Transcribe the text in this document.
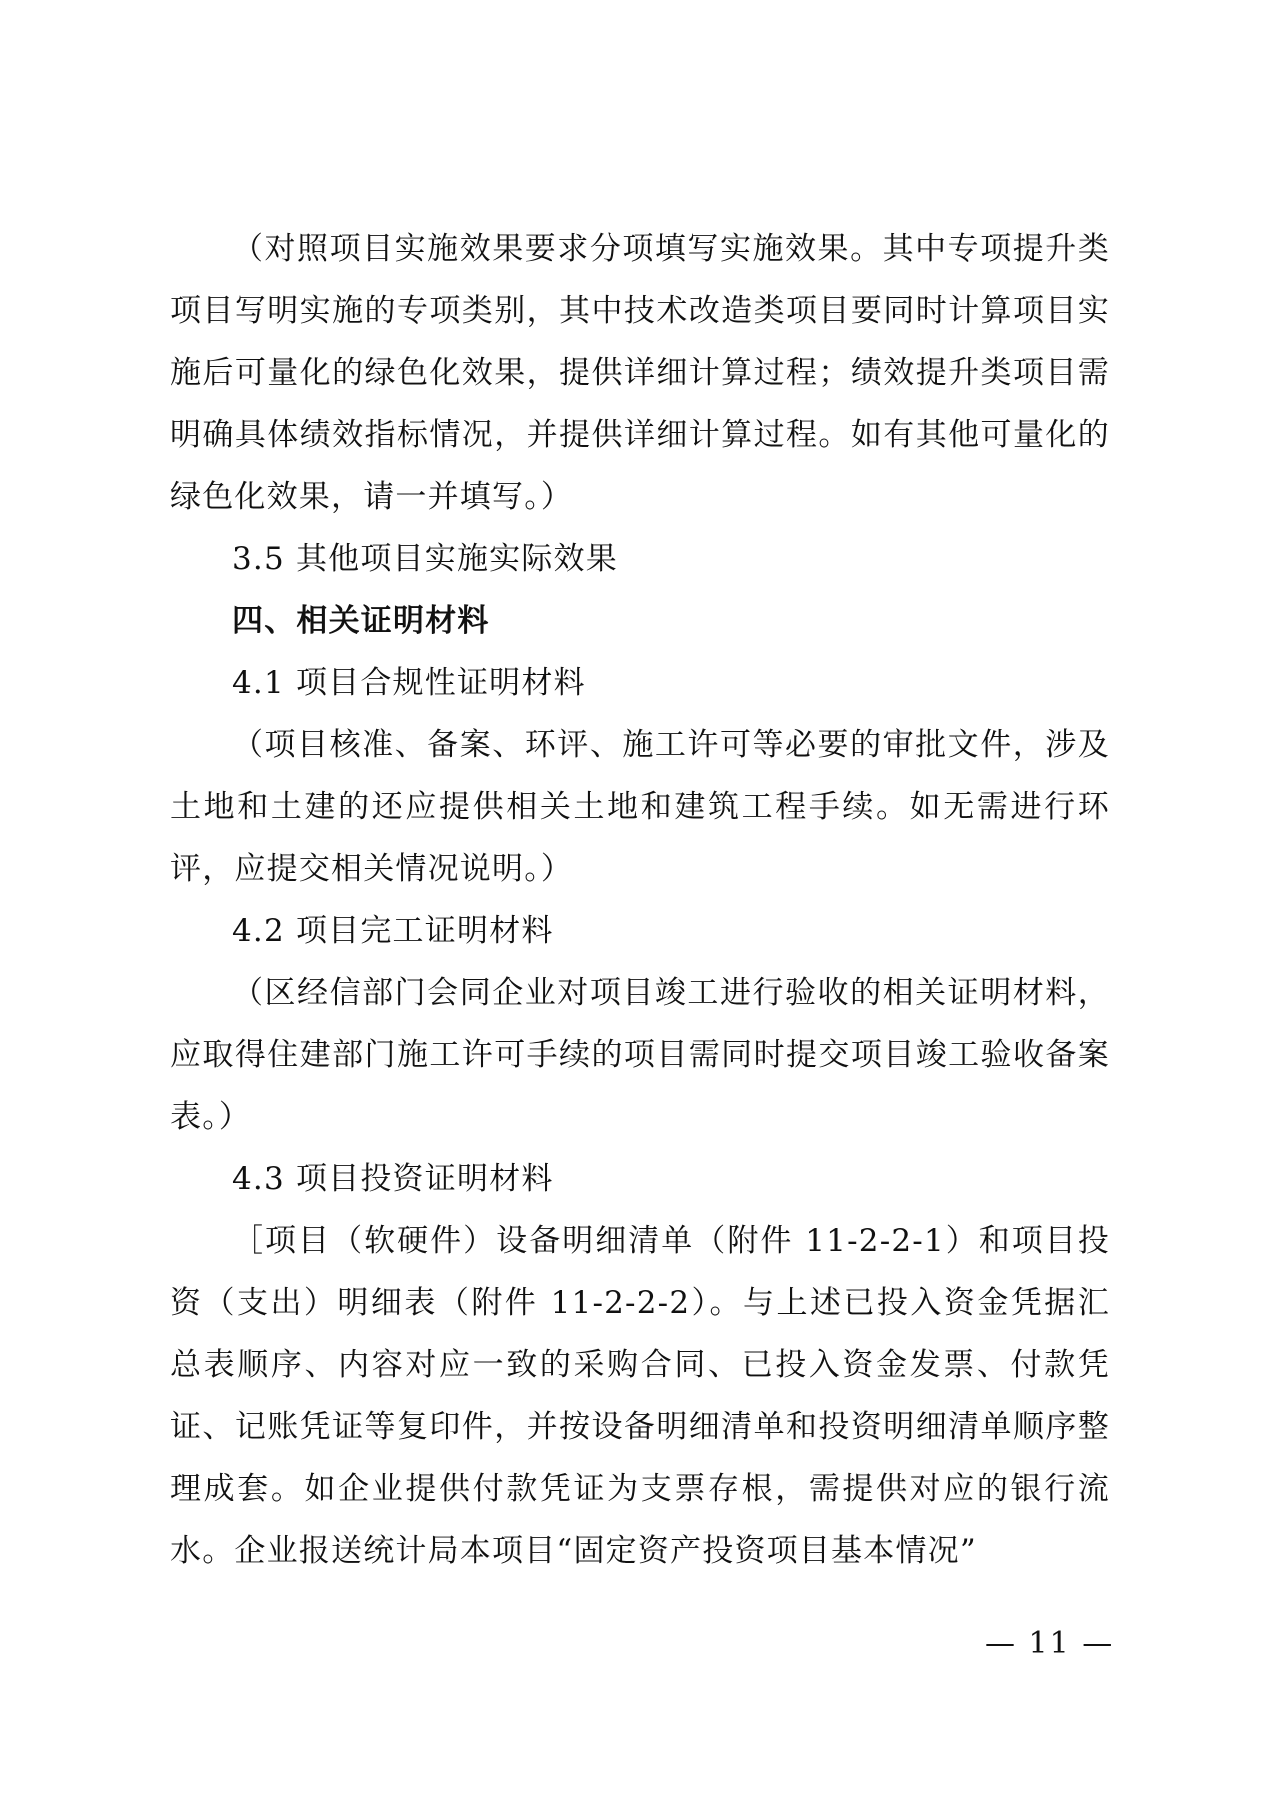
（对照项目实施效果要求分项填写实施效果。其中专项提升类项目写明实施的专项类别，其中技术改造类项目要同时计算项目实施后可量化的绿色化效果，提供详细计算过程；绩效提升类项目需明确具体绩效指标情况，并提供详细计算过程。如有其他可量化的绿色化效果，请一并填写。）

3.5 其他项目实施实际效果

四、相关证明材料

4.1 项目合规性证明材料

（项目核准、备案、环评、施工许可等必要的审批文件，涉及土地和土建的还应提供相关土地和建筑工程手续。如无需进行环评，应提交相关情况说明。）

4.2 项目完工证明材料

（区经信部门会同企业对项目竣工进行验收的相关证明材料，应取得住建部门施工许可手续的项目需同时提交项目竣工验收备案表。）

4.3 项目投资证明材料

［项目（软硬件）设备明细清单（附件 11-2-2-1）和项目投资（支出）明细表（附件 11-2-2-2）。与上述已投入资金凭据汇总表顺序、内容对应一致的采购合同、已投入资金发票、付款凭证、记账凭证等复印件，并按设备明细清单和投资明细清单顺序整理成套。如企业提供付款凭证为支票存根，需提供对应的银行流水。企业报送统计局本项目“固定资产投资项目基本情况”

— 11 —
